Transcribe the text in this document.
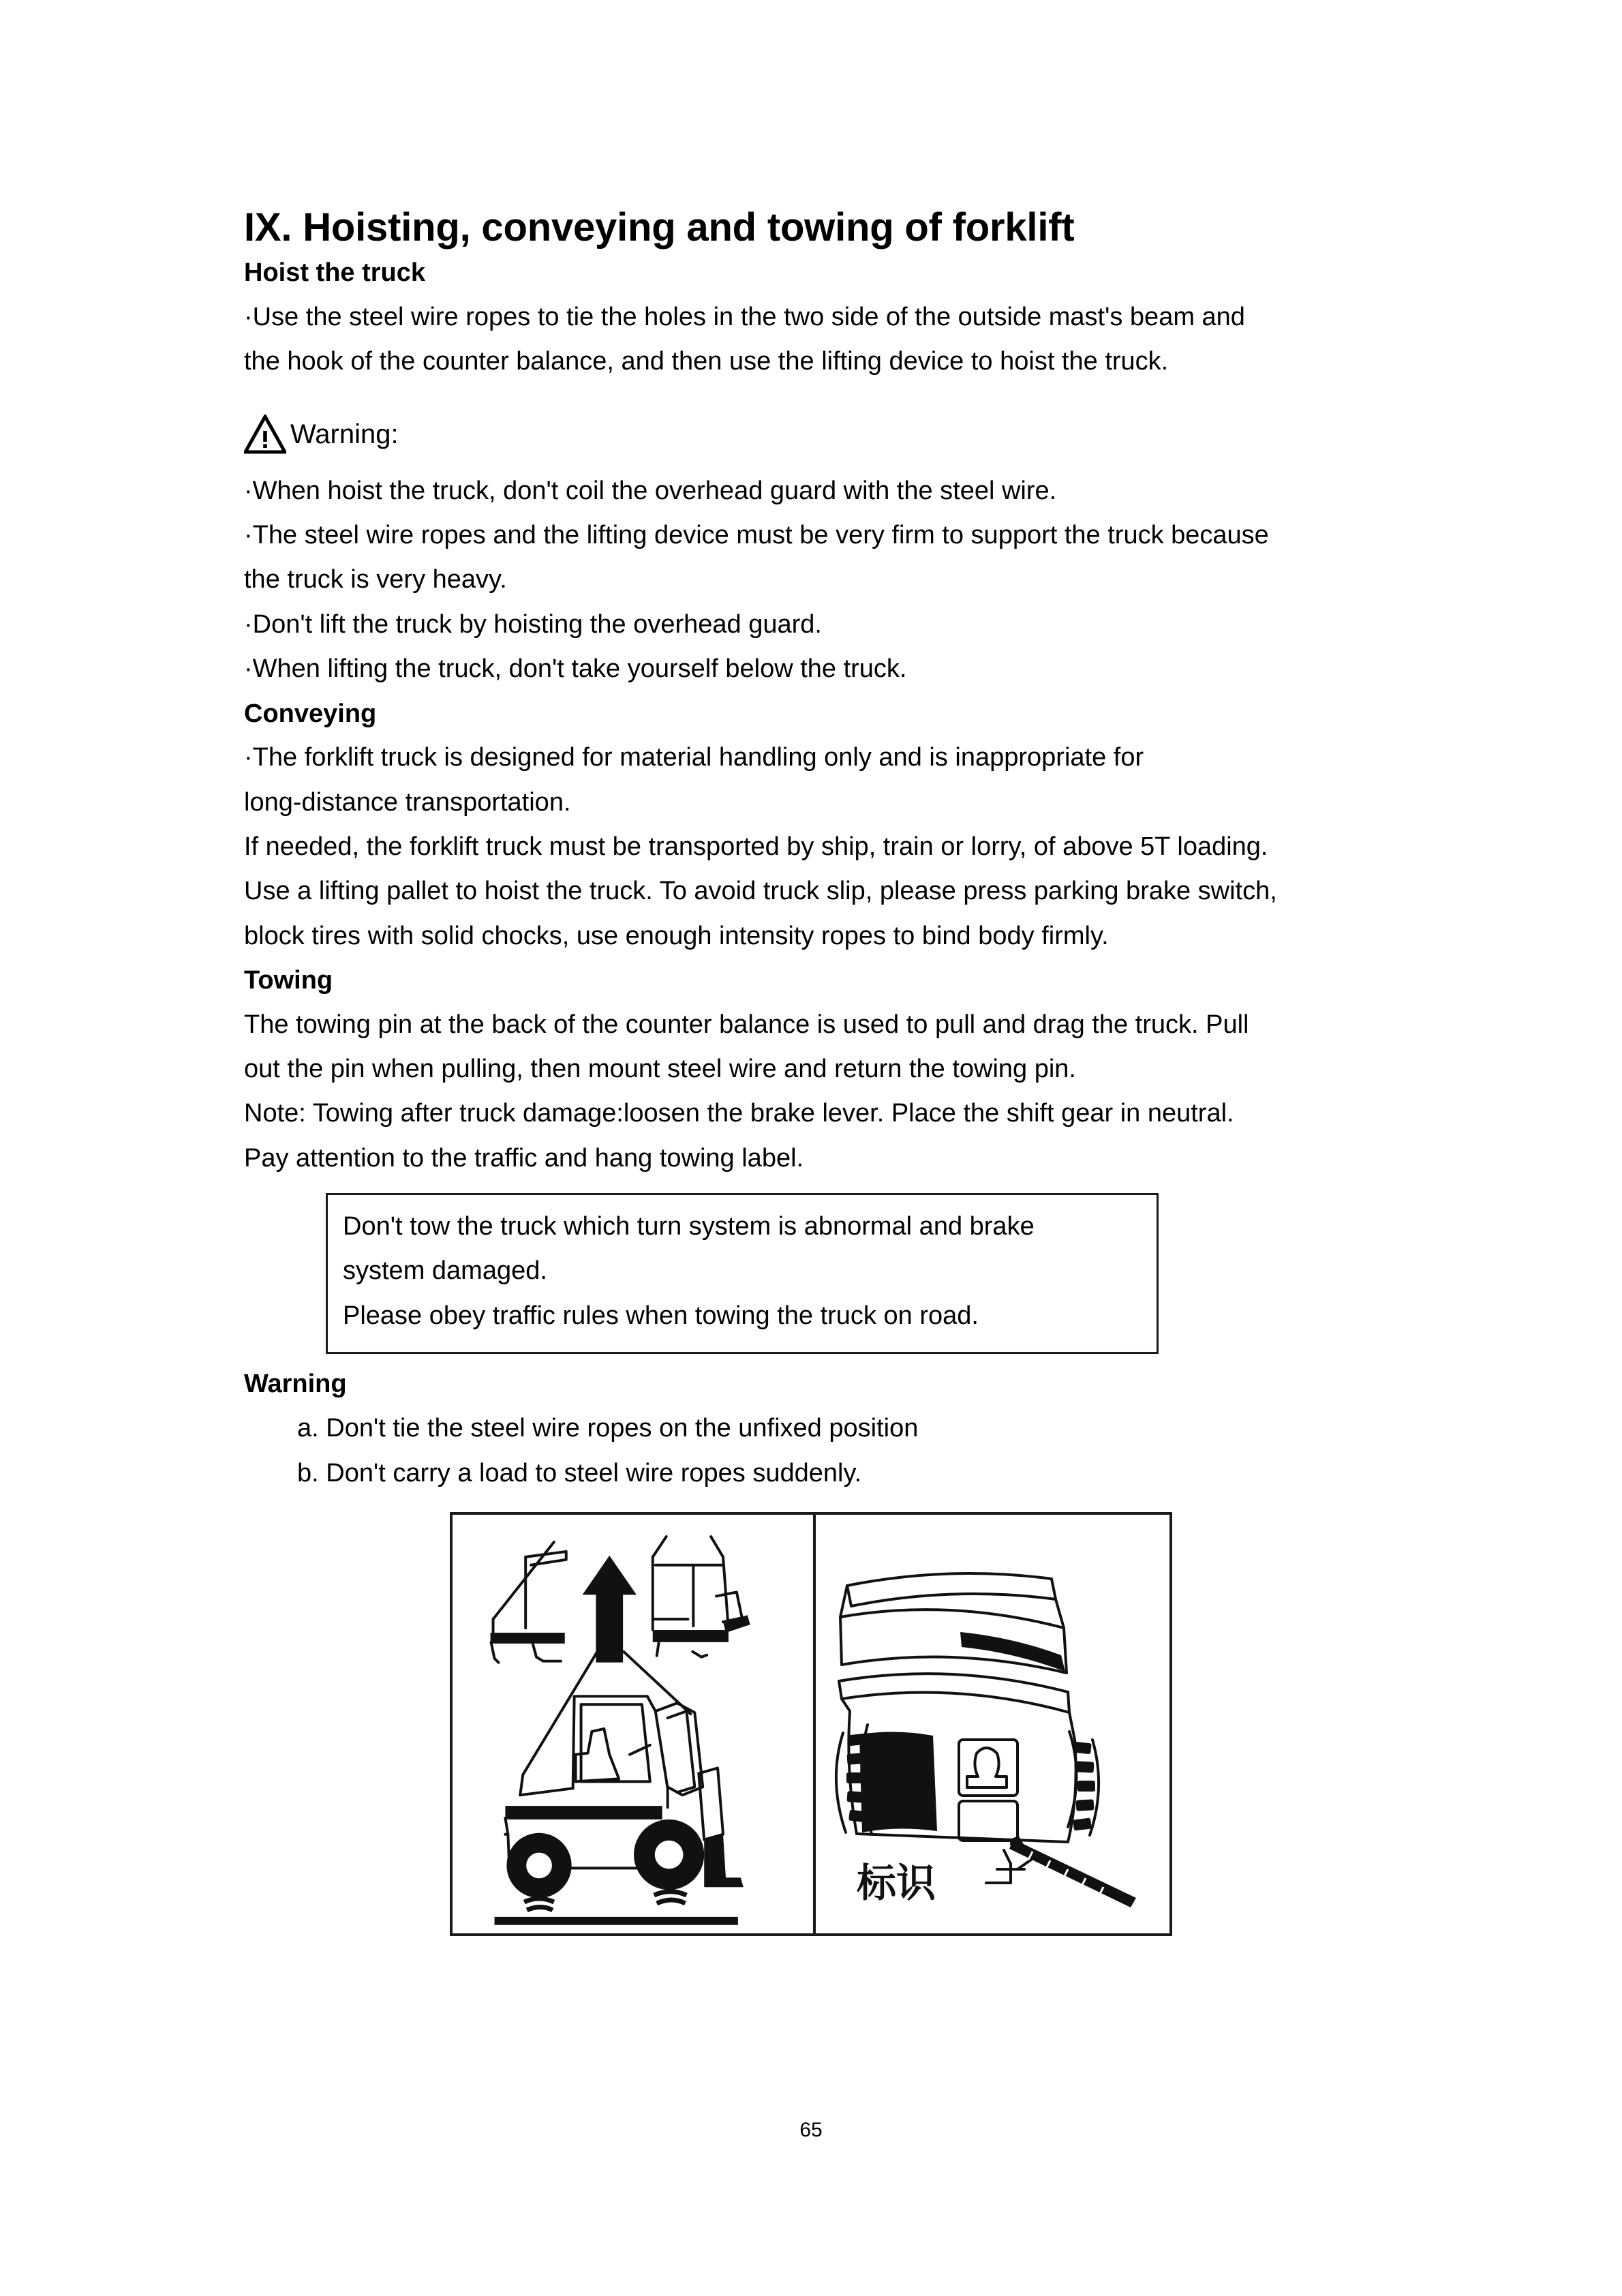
IX. Hoisting, conveying and towing of forklift
Hoist the truck

·Use the steel wire ropes to tie the holes in the two side of the outside mast's beam and

the hook of the counter balance, and then use the lifting device to hoist the truck.

Warning:

·When hoist the truck, don't coil the overhead guard with the steel wire.

·The steel wire ropes and the lifting device must be very firm to support the truck because

the truck is very heavy.

·Don't lift the truck by hoisting the overhead guard.

·When lifting the truck, don't take yourself below the truck.

Conveying

·The forklift truck is designed for material handling only and is inappropriate for

long-distance transportation.

If needed, the forklift truck must be transported by ship, train or lorry, of above 5T loading.

Use a lifting pallet to hoist the truck. To avoid truck slip, please press parking brake switch,

block tires with solid chocks, use enough intensity ropes to bind body firmly.

Towing

The towing pin at the back of the counter balance is used to pull and drag the truck. Pull

out the pin when pulling, then mount steel wire and return the towing pin.

Note: Towing after truck damage:loosen the brake lever. Place the shift gear in neutral.

Pay attention to the traffic and hang towing label.

Don't tow the truck which turn system is abnormal and brake

system damaged.

Please obey traffic rules when towing the truck on road.

Warning

a. Don't tie the steel wire ropes on the unfixed position

b. Don't carry a load to steel wire ropes suddenly.

标识
65
